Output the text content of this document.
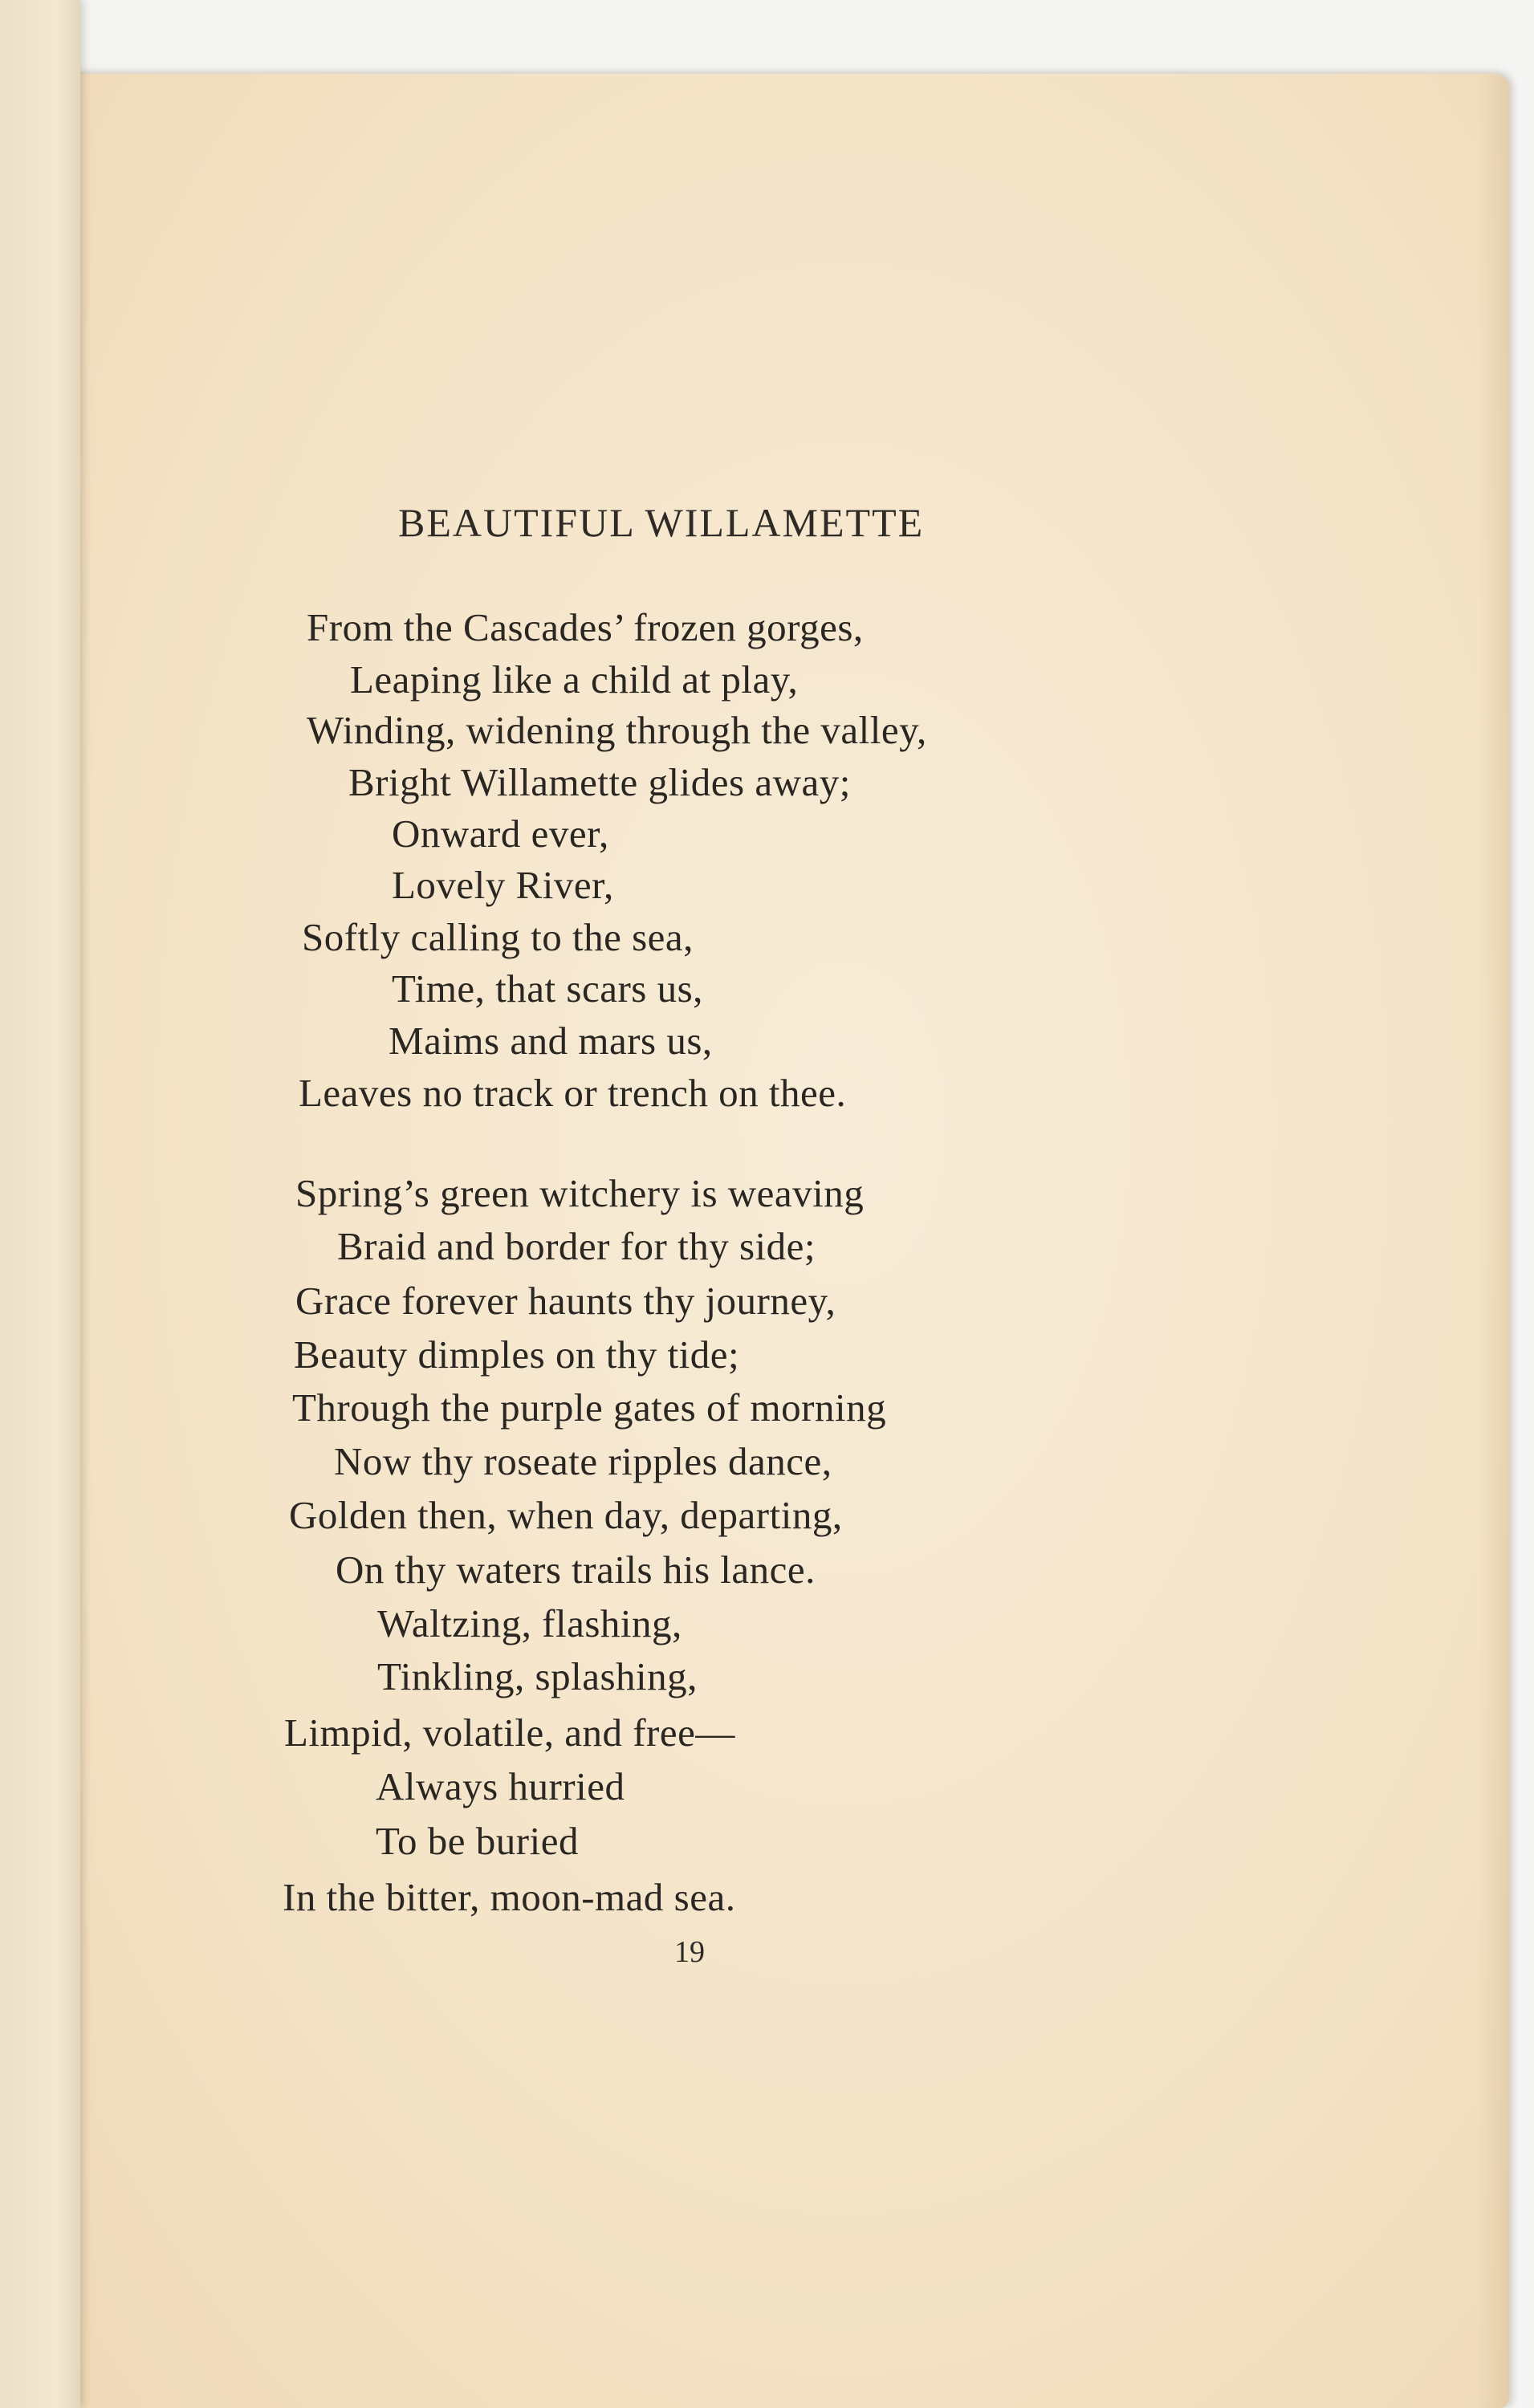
BEAUTIFUL WILLAMETTE
From the Cascades’ frozen gorges,
Leaping like a child at play,
Winding, widening through the valley,
Bright Willamette glides away;
Onward ever,
Lovely River,
Softly calling to the sea,
Time, that scars us,
Maims and mars us,
Leaves no track or trench on thee.
Spring’s green witchery is weaving
Braid and border for thy side;
Grace forever haunts thy journey,
Beauty dimples on thy tide;
Through the purple gates of morning
Now thy roseate ripples dance,
Golden then, when day, departing,
On thy waters trails his lance.
Waltzing, flashing,
Tinkling, splashing,
Limpid, volatile, and free—
Always hurried
To be buried
In the bitter, moon-mad sea.
19
